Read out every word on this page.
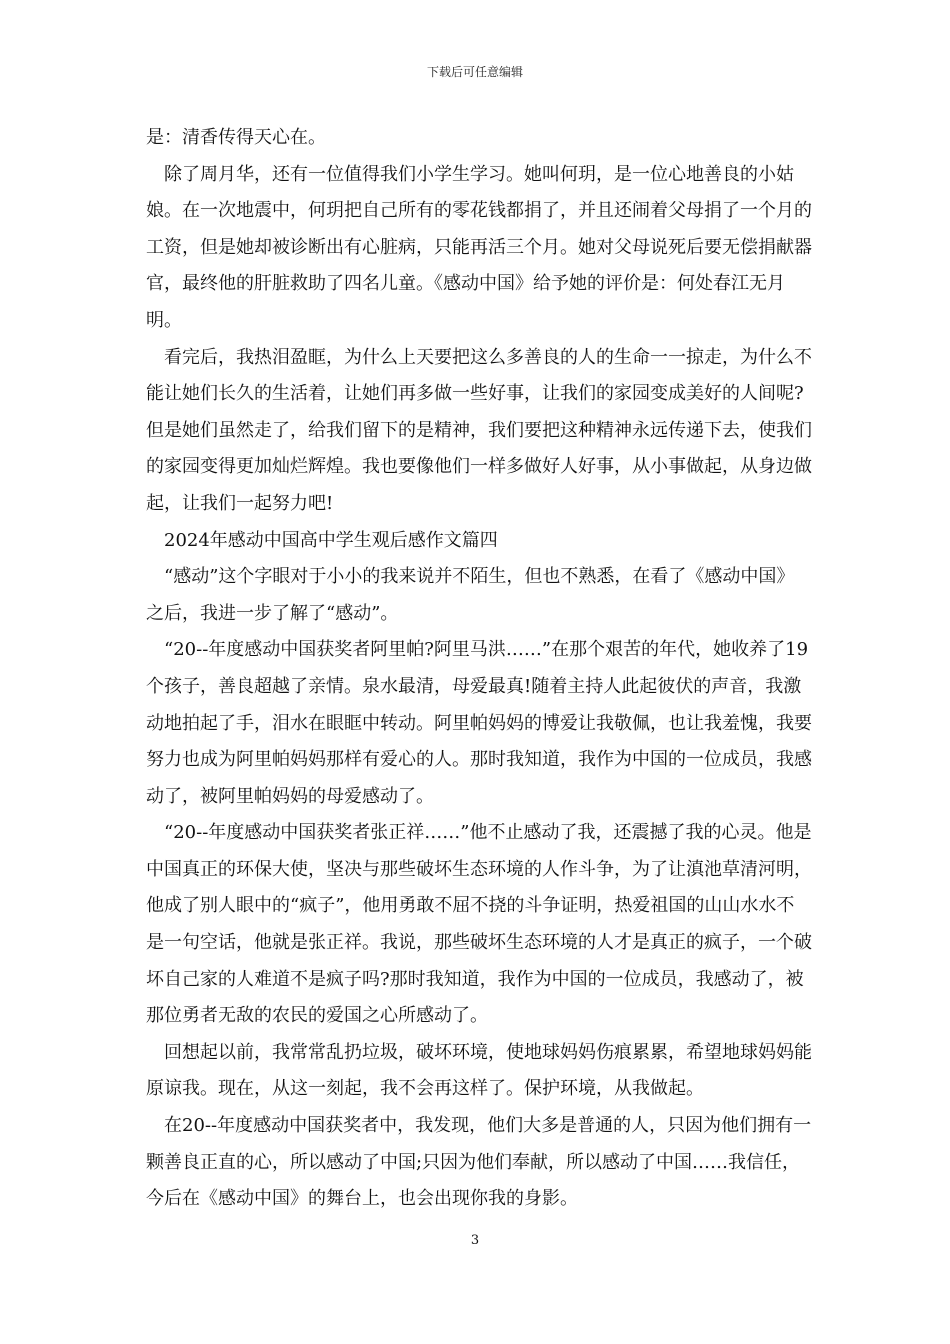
下载后可任意编辑

是：清香传得天心在。

　除了周月华，还有一位值得我们小学生学习。她叫何玥，是一位心地善良的小姑娘。在一次地震中，何玥把自己所有的零花钱都捐了，并且还闹着父母捐了一个月的工资，但是她却被诊断出有心脏病，只能再活三个月。她对父母说死后要无偿捐献器官，最终他的肝脏救助了四名儿童。《感动中国》给予她的评价是：何处春江无月明。

　看完后，我热泪盈眶，为什么上天要把这么多善良的人的生命一一掠走，为什么不能让她们长久的生活着，让她们再多做一些好事，让我们的家园变成美好的人间呢?但是她们虽然走了，给我们留下的是精神，我们要把这种精神永远传递下去，使我们的家园变得更加灿烂辉煌。我也要像他们一样多做好人好事，从小事做起，从身边做起，让我们一起努力吧!

　2024年感动中国高中学生观后感作文篇四

　“感动”这个字眼对于小小的我来说并不陌生，但也不熟悉，在看了《感动中国》之后，我进一步了解了“感动”。

　“20--年度感动中国获奖者阿里帕?阿里马洪……”在那个艰苦的年代，她收养了19个孩子，善良超越了亲情。泉水最清，母爱最真!随着主持人此起彼伏的声音，我激动地拍起了手，泪水在眼眶中转动。阿里帕妈妈的博爱让我敬佩，也让我羞愧，我要努力也成为阿里帕妈妈那样有爱心的人。那时我知道，我作为中国的一位成员，我感动了，被阿里帕妈妈的母爱感动了。

　“20--年度感动中国获奖者张正祥……”他不止感动了我，还震撼了我的心灵。他是中国真正的环保大使，坚决与那些破坏生态环境的人作斗争，为了让滇池草清河明，他成了别人眼中的“疯子”，他用勇敢不屈不挠的斗争证明，热爱祖国的山山水水不是一句空话，他就是张正祥。我说，那些破坏生态环境的人才是真正的疯子，一个破坏自己家的人难道不是疯子吗?那时我知道，我作为中国的一位成员，我感动了，被那位勇者无敌的农民的爱国之心所感动了。

　回想起以前，我常常乱扔垃圾，破坏环境，使地球妈妈伤痕累累，希望地球妈妈能原谅我。现在，从这一刻起，我不会再这样了。保护环境，从我做起。

　在20--年度感动中国获奖者中，我发现，他们大多是普通的人，只因为他们拥有一颗善良正直的心，所以感动了中国;只因为他们奉献，所以感动了中国……我信任，今后在《感动中国》的舞台上，也会出现你我的身影。

3
